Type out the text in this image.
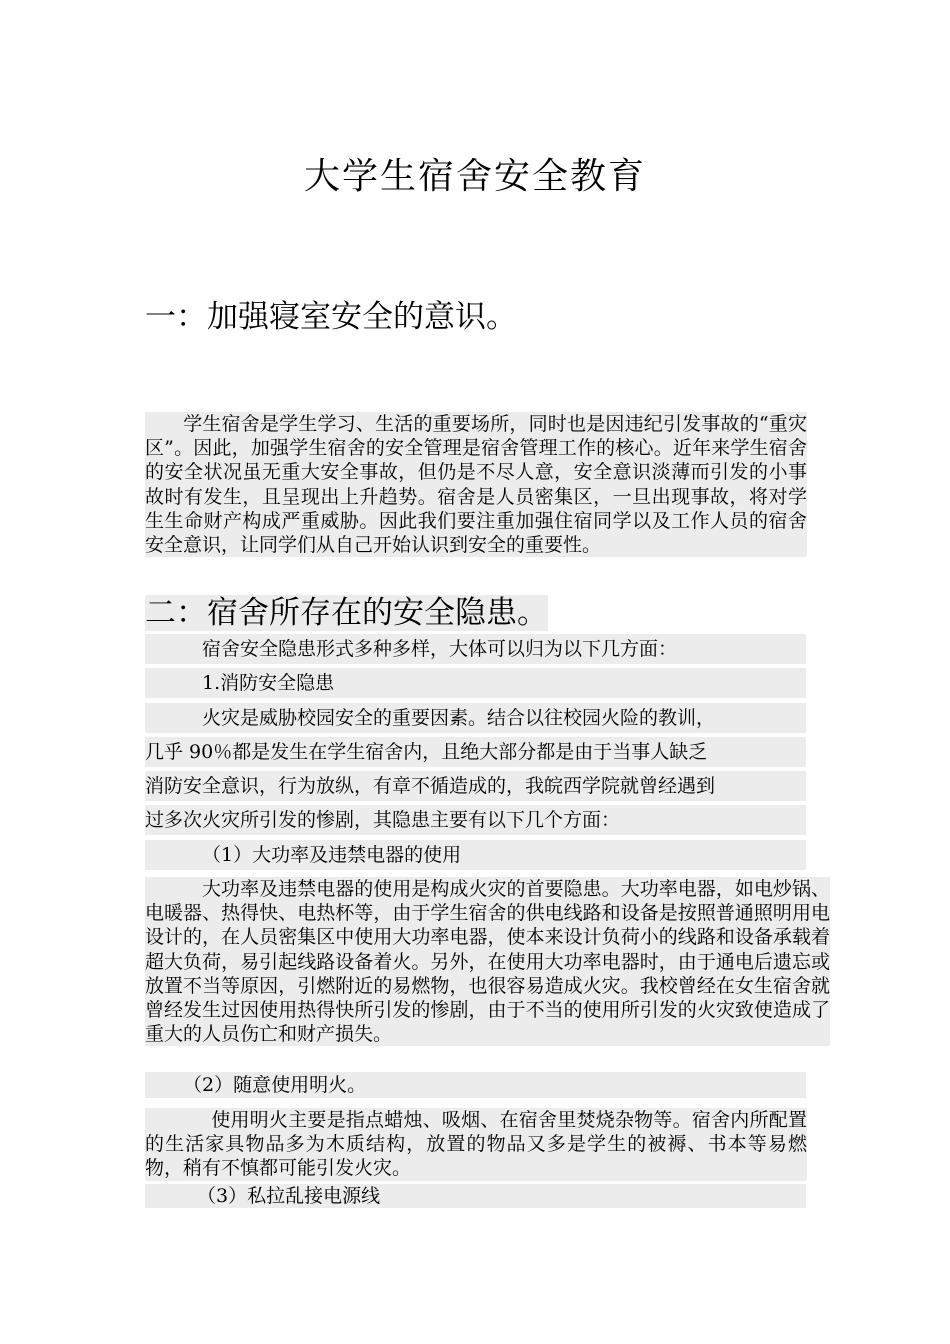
大学生宿舍安全教育
一：加强寝室安全的意识。
学生宿舍是学生学习、生活的重要场所，同时也是因违纪引发事故的“重灾区”。因此，加强学生宿舍的安全管理是宿舍管理工作的核心。近年来学生宿舍的安全状况虽无重大安全事故，但仍是不尽人意，安全意识淡薄而引发的小事故时有发生，且呈现出上升趋势。宿舍是人员密集区，一旦出现事故，将对学生生命财产构成严重威胁。因此我们要注重加强住宿同学以及工作人员的宿舍安全意识，让同学们从自己开始认识到安全的重要性。
二：宿舍所存在的安全隐患。
宿舍安全隐患形式多种多样，大体可以归为以下几方面：
1.消防安全隐患
火灾是威胁校园安全的重要因素。结合以往校园火险的教训，
几乎 90％都是发生在学生宿舍内，且绝大部分都是由于当事人缺乏
消防安全意识，行为放纵，有章不循造成的，我皖西学院就曾经遇到
过多次火灾所引发的惨剧，其隐患主要有以下几个方面：
（1）大功率及违禁电器的使用
大功率及违禁电器的使用是构成火灾的首要隐患。大功率电器，如电炒锅、电暖器、热得快、电热杯等，由于学生宿舍的供电线路和设备是按照普通照明用电设计的，在人员密集区中使用大功率电器，使本来设计负荷小的线路和设备承载着超大负荷，易引起线路设备着火。另外，在使用大功率电器时，由于通电后遗忘或放置不当等原因，引燃附近的易燃物，也很容易造成火灾。我校曾经在女生宿舍就曾经发生过因使用热得快所引发的惨剧，由于不当的使用所引发的火灾致使造成了重大的人员伤亡和财产损失。
（2）随意使用明火。
使用明火主要是指点蜡烛、吸烟、在宿舍里焚烧杂物等。宿舍内所配置的生活家具物品多为木质结构，放置的物品又多是学生的被褥、书本等易燃物，稍有不慎都可能引发火灾。
（3）私拉乱接电源线
